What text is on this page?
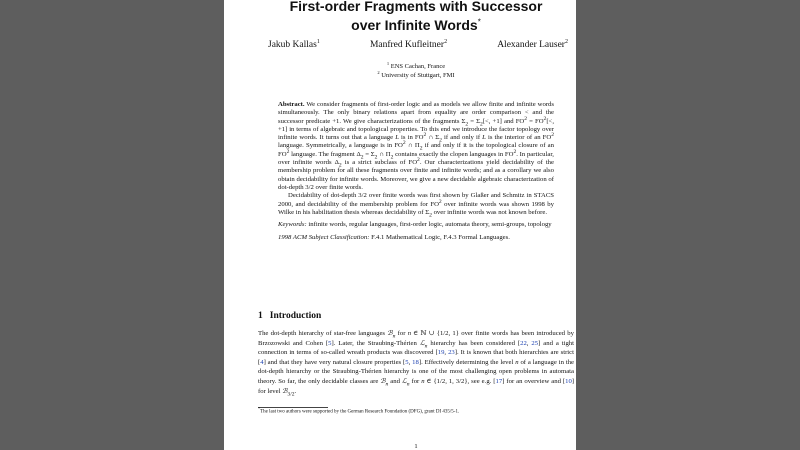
First-order Fragments with Successor
over Infinite Words*
Jakub Kallas$^1$	Manfred Kufleitner$^2$	Alexander Lauser$^2$
$^1$ ENS Cachan, France
$^2$ University of Stuttgart, FMI

Abstract. We consider fragments of first-order logic and as models we allow finite and infinite words simultaneously. The only binary relations apart from equality are order comparison < and the successor predicate +1. We give characterizations of the fragments $\Sigma_2 = \Sigma_2[<$, +1] and $FO^2 = FO^2[<$, +1] in terms of algebraic and topological properties. To this end we introduce the factor topology over infinite words. It turns out that a language L is in $FO^2$ ∩ $\Sigma_2$ if and only if L is the interior of an $FO^2$ language. Symmetrically, a language is in $FO^2$ ∩ $\Pi_2$ if and only if it is the topological closure of an $FO^2$ language. The fragment $\Delta_2 = \Sigma_2$ ∩ $\Pi_2$ contains exactly the clopen languages in $FO^2$. In particular, over infinite words $\Delta_2$ is a strict subclass of $FO^2$. Our characterizations yield decidability of the membership problem for all these fragments over finite and infinite words; and as a corollary we also obtain decidability for infinite words. Moreover, we give a new decidable algebraic characterization of dot-depth 3/2 over finite words.

Decidability of dot-depth 3/2 over finite words was first shown by Glaßer and Schmitz in STACS 2000, and decidability of the membership problem for $FO^2$ over infinite words was shown 1998 by Wilke in his habilitation thesis whereas decidability of $\Sigma_2$ over infinite words was not known before.

Keywords: infinite words, regular languages, first-order logic, automata theory, semi-groups, topology

1998 ACM Subject Classification: F.4.1 Mathematical Logic, F.4.3 Formal Languages.

1 Introduction

The dot-depth hierarchy of star-free languages ℬ$_n$ for n ∈ ℕ ∪ {1/2, 1} over finite words has been introduced by Brzozowski and Cohen [5]. Later, the Straubing-Thérien ℒ$_n$ hierarchy has been considered [22, 25] and a tight connection in terms of so-called wreath products was discovered [19, 23]. It is known that both hierarchies are strict [4] and that they have very natural closure properties [5, 18]. Effectively determining the level n of a language in the dot-depth hierarchy or the Straubing-Thérien hierarchy is one of the most challenging open problems in automata theory. So far, the only decidable classes are ℬ$_n$ and ℒ$_n$ for n ∈ {1/2, 1, 3/2}, see e.g. [17] for an overview and [10] for level ℬ$_{3/2}$.

*The last two authors were supported by the German Research Foundation (DFG), grant DI 435/5-1.
1
